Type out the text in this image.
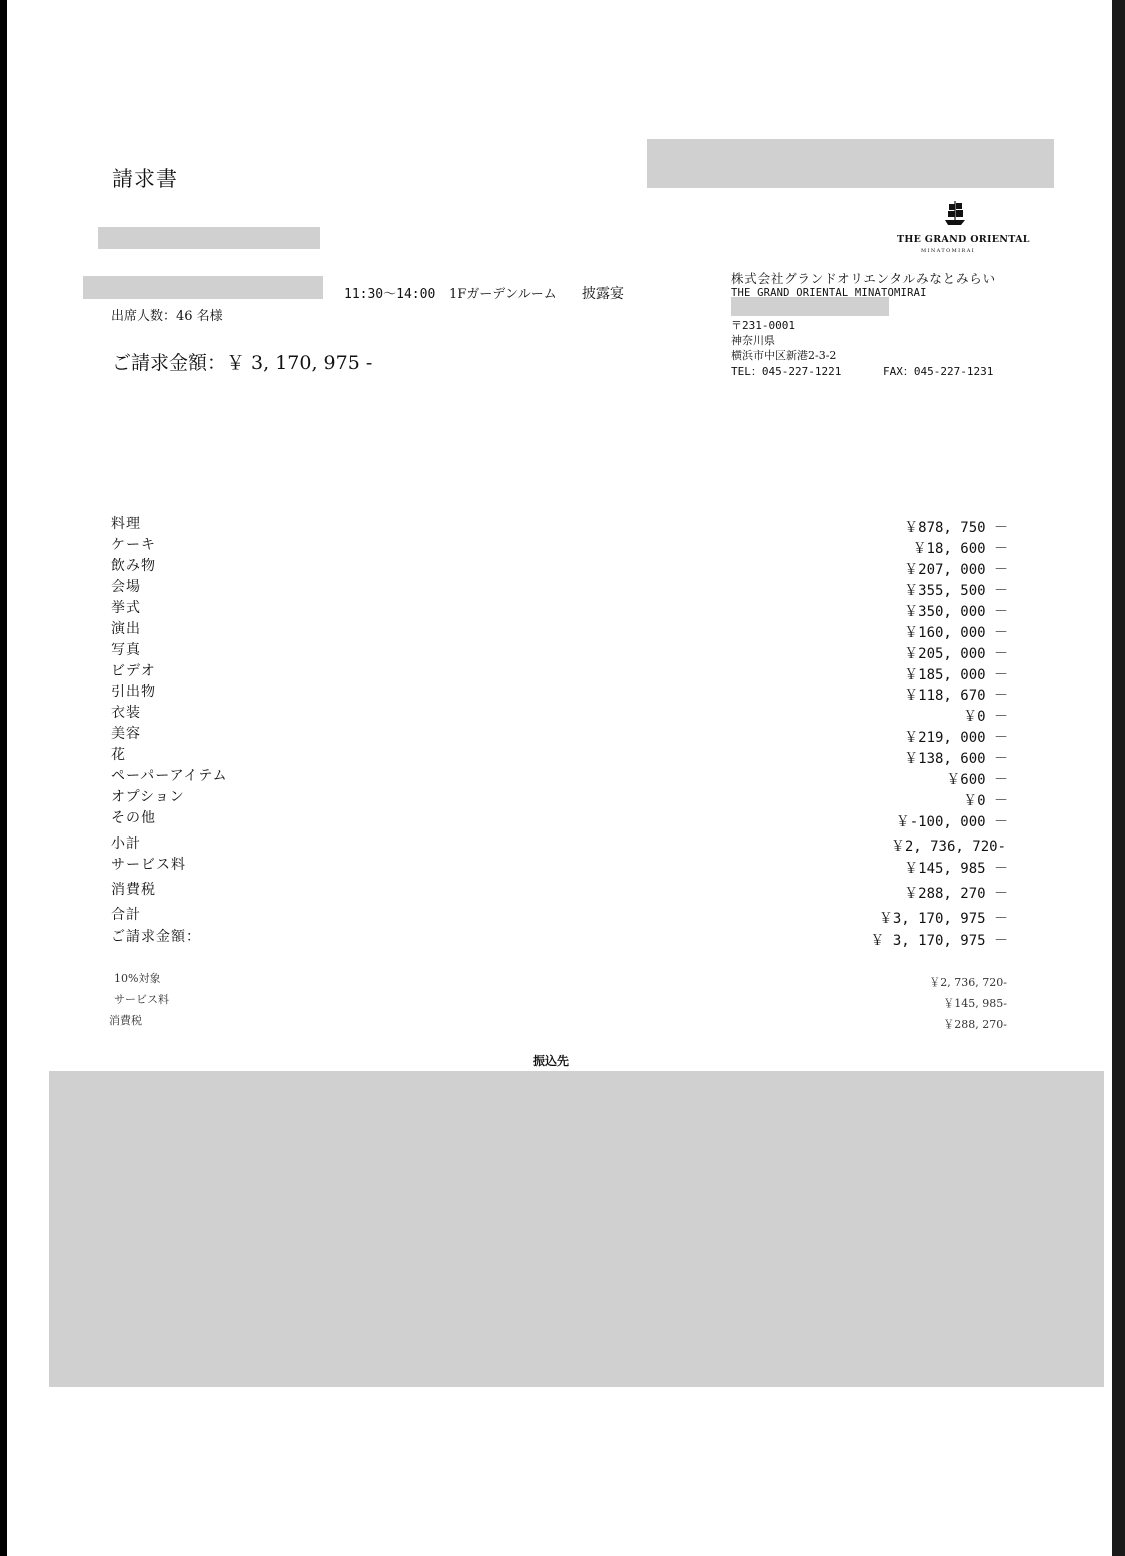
請求書
11:30〜14:00 1Fガーデンルーム 披露宴
出席人数：46 名様
ご請求金額：￥ 3, 170, 975 -
THE GRAND ORIENTAL
MINATOMIRAI
株式会社グランドオリエンタルみなとみらい
THE GRAND ORIENTAL MINATOMIRAI
〒231-0001
神奈川県
横浜市中区新港2-3-2
TEL：045-227-1221	FAX：045-227-1231
料理	￥878, 750 －
ケーキ	￥18, 600 －
飲み物	￥207, 000 －
会場	￥355, 500 －
挙式	￥350, 000 －
演出	￥160, 000 －
写真	￥205, 000 －
ビデオ	￥185, 000 －
引出物	￥118, 670 －
衣装	￥0 －
美容	￥219, 000 －
花	￥138, 600 －
ペーパーアイテム	￥600 －
オプション	￥0 －
その他	￥-100, 000 －
小計	￥2, 736, 720-
サービス料	￥145, 985 －
消費税	￥288, 270 －
合計	￥3, 170, 975 －
ご請求金額：	￥ 3, 170, 975 －
10%対象	￥2, 736, 720-
サービス料	￥145, 985-
消費税	￥288, 270-
振込先
